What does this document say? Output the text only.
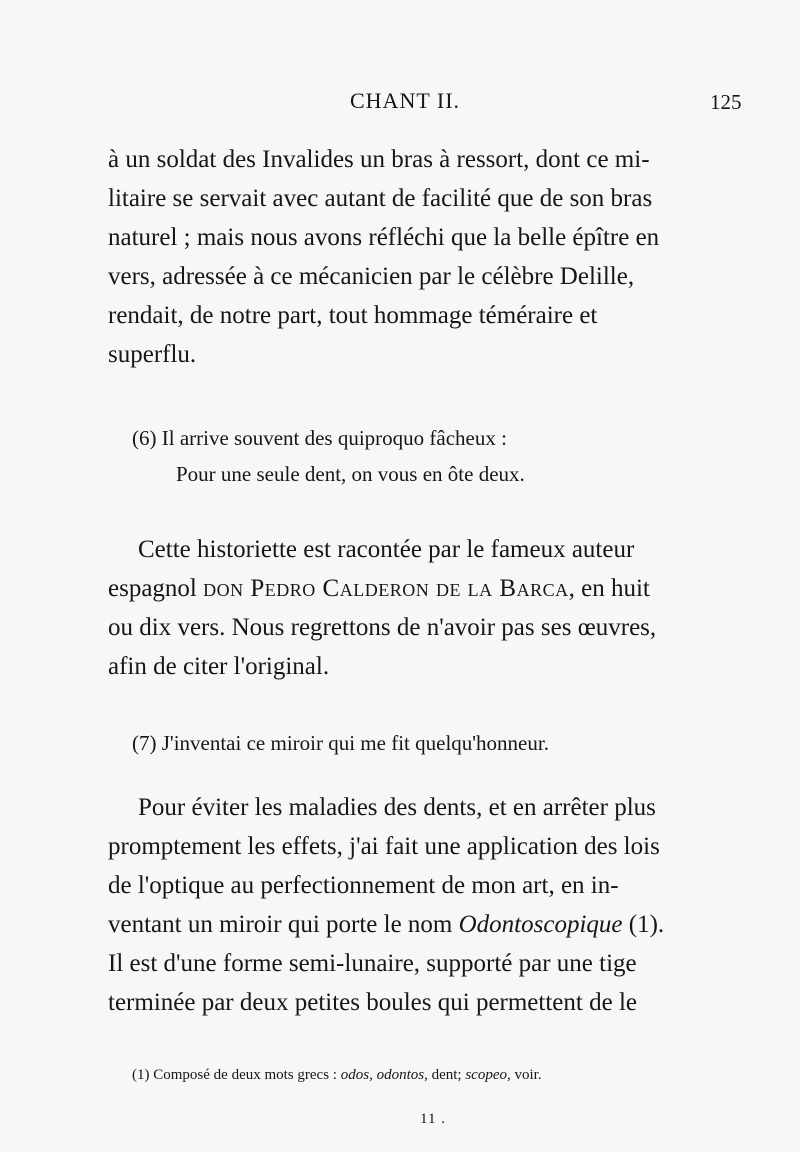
CHANT II.	125
à un soldat des Invalides un bras à ressort, dont ce mi-
litaire se servait avec autant de facilité que de son bras
naturel ; mais nous avons réfléchi que la belle épître en
vers, adressée à ce mécanicien par le célèbre Delille,
rendait, de notre part, tout hommage téméraire et
superflu.
(6) Il arrive souvent des quiproquo fâcheux :
Pour une seule dent, on vous en ôte deux.
Cette historiette est racontée par le fameux auteur
espagnol don Pedro Calderon de la Barca, en huit
ou dix vers. Nous regrettons de n'avoir pas ses œuvres,
afin de citer l'original.
(7) J'inventai ce miroir qui me fit quelqu'honneur.
Pour éviter les maladies des dents, et en arrêter plus
promptement les effets, j'ai fait une application des lois
de l'optique au perfectionnement de mon art, en in-
ventant un miroir qui porte le nom Odontoscopique (1).
Il est d'une forme semi-lunaire, supporté par une tige
terminée par deux petites boules qui permettent de le
(1) Composé de deux mots grecs : odos, odontos, dent; scopeo, voir.
11 .
